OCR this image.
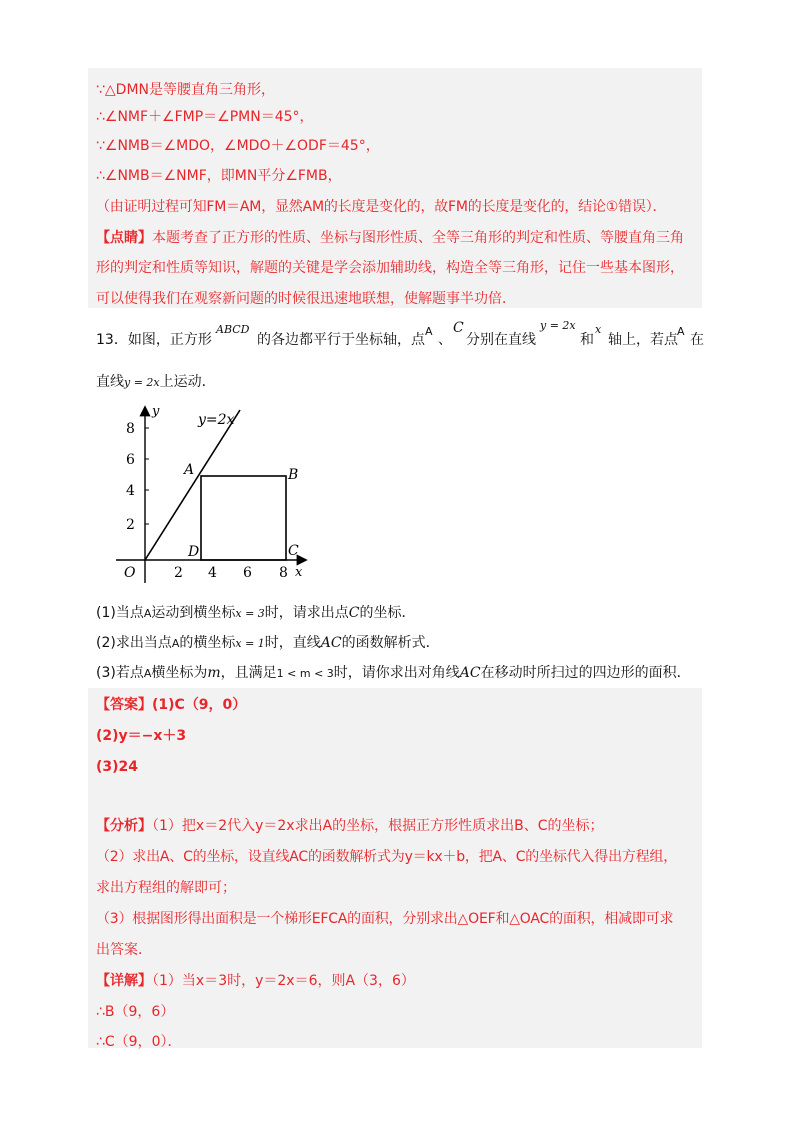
∵△DMN是等腰直角三角形，
∴∠NMF＋∠FMP＝∠PMN＝45°，
∵∠NMB＝∠MDO，∠MDO＋∠ODF＝45°，
∴∠NMB＝∠NMF，即MN平分∠FMB，
（由证明过程可知FM＝AM，显然AM的长度是变化的，故FM的长度是变化的，结论①错误）．
【点睛】本题考查了正方形的性质、坐标与图形性质、全等三角形的判定和性质、等腰直角三角
形的判定和性质等知识，解题的关键是学会添加辅助线，构造全等三角形，记住一些基本图形，
可以使得我们在观察新问题的时候很迅速地联想，使解题事半功倍．
13．如图，正方形
ABCD
的各边都平行于坐标轴，点
A
、
C
分别在直线
y = 2x
和
x
轴上，若点
A
在
直线y = 2x上运动．
y=2x
y
x
O
2
4
6
8
2 4 6 8
A	B
C
D
(1)当点A运动到横坐标x = 3时，请求出点C的坐标．
(2)求出当点A的横坐标x = 1时，直线AC的函数解析式．
(3)若点A横坐标为m，且满足1 < m < 3时，请你求出对角线AC在移动时所扫过的四边形的面积．
【答案】(1)C（9，0）
(2)y＝−x＋3
(3)24
【分析】（1）把x＝2代入y＝2x求出A的坐标，根据正方形性质求出B、C的坐标；
（2）求出A、C的坐标，设直线AC的函数解析式为y＝kx＋b，把A、C的坐标代入得出方程组，
求出方程组的解即可；
（3）根据图形得出面积是一个梯形EFCA的面积，分别求出△OEF和△OAC的面积，相减即可求
出答案．
【详解】（1）当x＝3时，y＝2x＝6，则A（3，6）
∴B（9，6）
∴C（9，0）．
